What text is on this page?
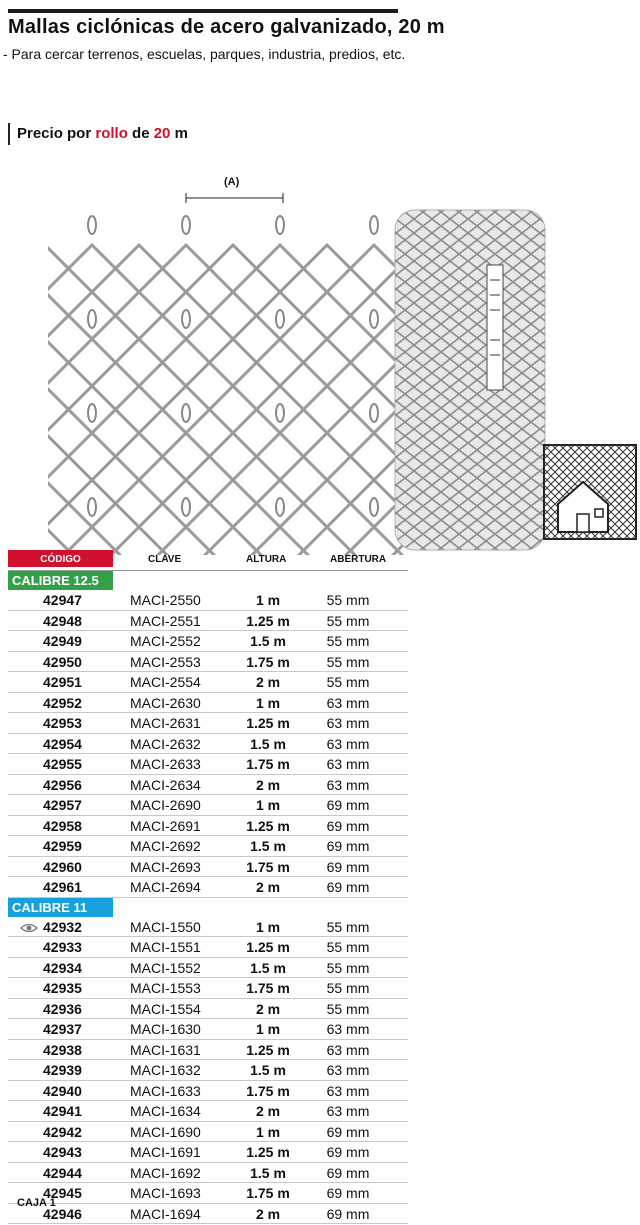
Mallas ciclónicas de acero galvanizado, 20 m
- Para cercar terrenos, escuelas, parques, industria, predios, etc.
Precio por rollo de 20 m
(A)
CÓDIGO	CLAVE	ALTURA	ABERTURA
CALIBRE 12.5
42947	MACI-2550	1 m	55 mm
42948	MACI-2551	1.25 m	55 mm
42949	MACI-2552	1.5 m	55 mm
42950	MACI-2553	1.75 m	55 mm
42951	MACI-2554	2 m	55 mm
42952	MACI-2630	1 m	63 mm
42953	MACI-2631	1.25 m	63 mm
42954	MACI-2632	1.5 m	63 mm
42955	MACI-2633	1.75 m	63 mm
42956	MACI-2634	2 m	63 mm
42957	MACI-2690	1 m	69 mm
42958	MACI-2691	1.25 m	69 mm
42959	MACI-2692	1.5 m	69 mm
42960	MACI-2693	1.75 m	69 mm
42961	MACI-2694	2 m	69 mm
CALIBRE 11
42932	MACI-1550	1 m	55 mm
42933	MACI-1551	1.25 m	55 mm
42934	MACI-1552	1.5 m	55 mm
42935	MACI-1553	1.75 m	55 mm
42936	MACI-1554	2 m	55 mm
42937	MACI-1630	1 m	63 mm
42938	MACI-1631	1.25 m	63 mm
42939	MACI-1632	1.5 m	63 mm
42940	MACI-1633	1.75 m	63 mm
42941	MACI-1634	2 m	63 mm
42942	MACI-1690	1 m	69 mm
42943	MACI-1691	1.25 m	69 mm
42944	MACI-1692	1.5 m	69 mm
42945	MACI-1693	1.75 m	69 mm
42946	MACI-1694	2 m	69 mm
CAJA 1
